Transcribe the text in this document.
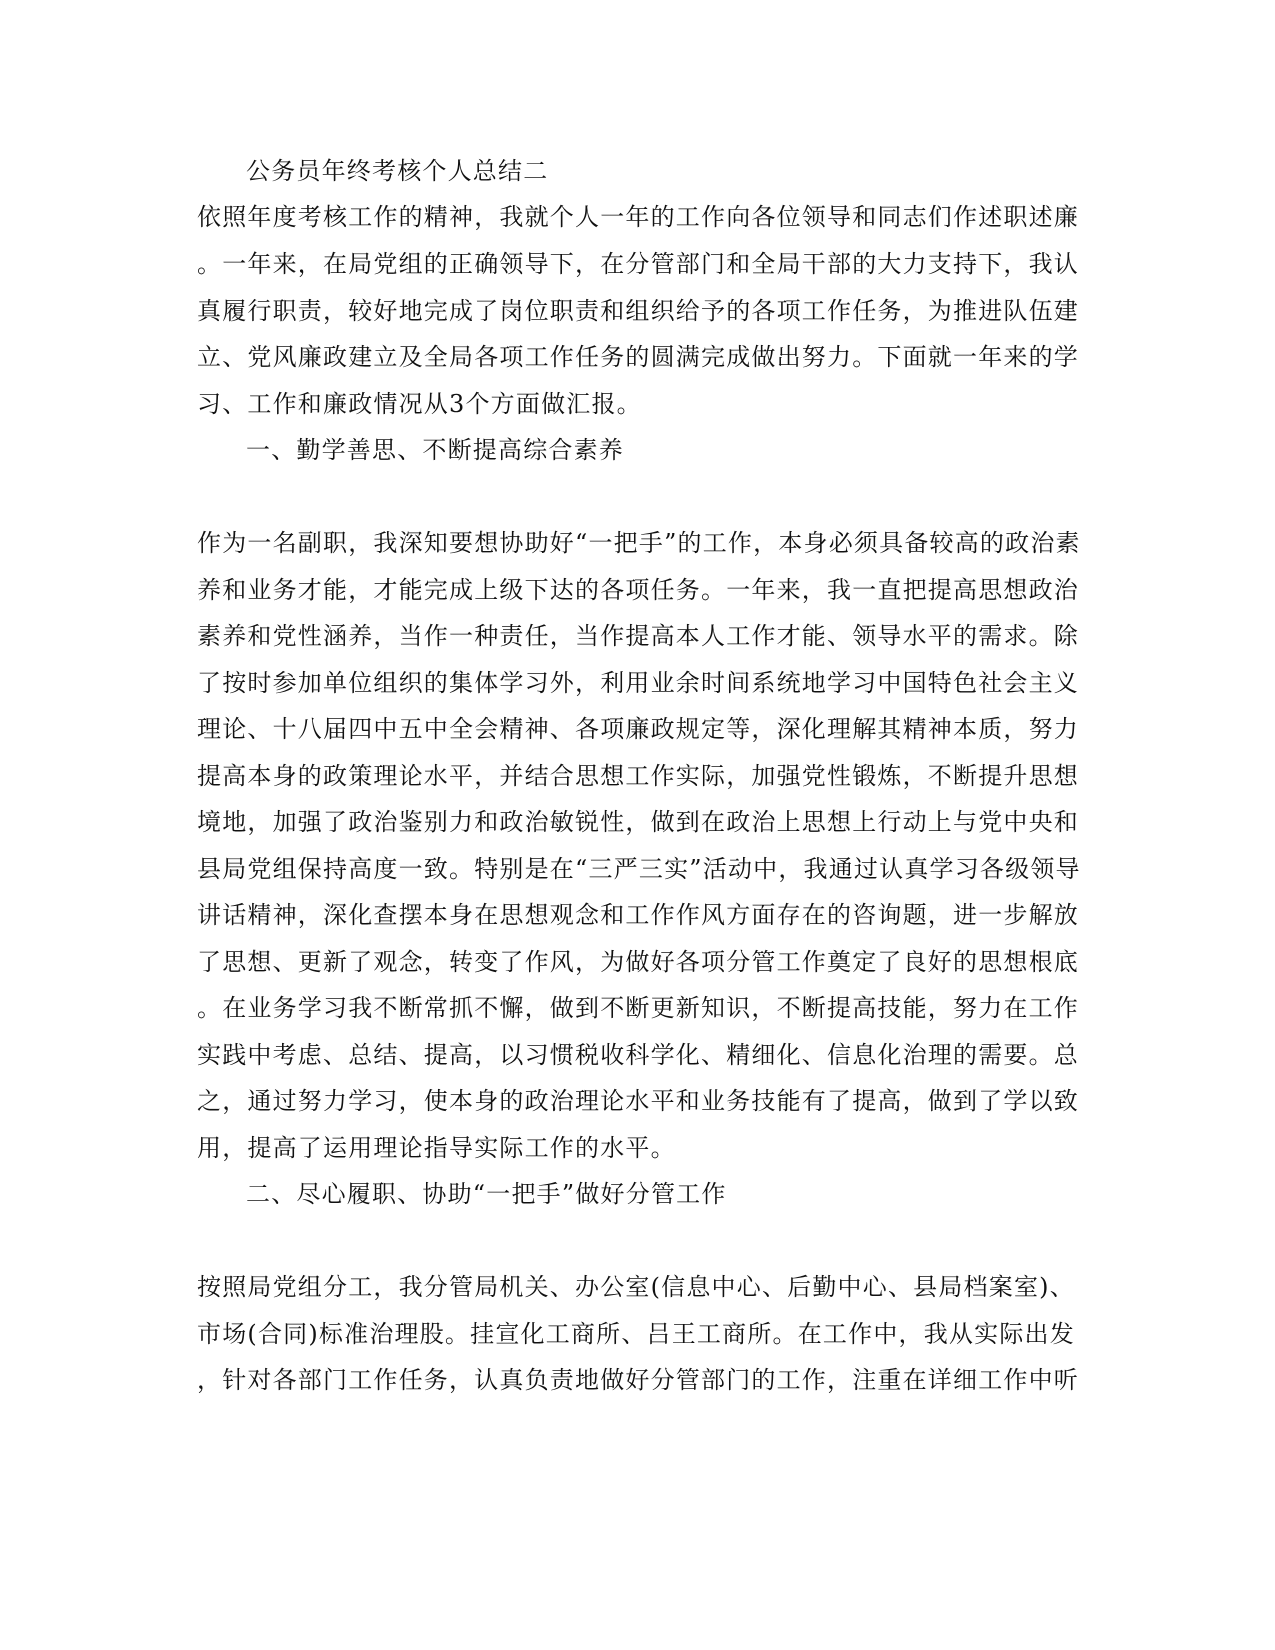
公务员年终考核个人总结二
依照年度考核工作的精神，我就个人一年的工作向各位领导和同志们作述职述廉
。一年来，在局党组的正确领导下，在分管部门和全局干部的大力支持下，我认
真履行职责，较好地完成了岗位职责和组织给予的各项工作任务，为推进队伍建
立、党风廉政建立及全局各项工作任务的圆满完成做出努力。下面就一年来的学
习、工作和廉政情况从3个方面做汇报。
一、勤学善思、不断提高综合素养
作为一名副职，我深知要想协助好“一把手”的工作，本身必须具备较高的政治素
养和业务才能，才能完成上级下达的各项任务。一年来，我一直把提高思想政治
素养和党性涵养，当作一种责任，当作提高本人工作才能、领导水平的需求。除
了按时参加单位组织的集体学习外，利用业余时间系统地学习中国特色社会主义
理论、十八届四中五中全会精神、各项廉政规定等，深化理解其精神本质，努力
提高本身的政策理论水平，并结合思想工作实际，加强党性锻炼，不断提升思想
境地，加强了政治鉴别力和政治敏锐性，做到在政治上思想上行动上与党中央和
县局党组保持高度一致。特别是在“三严三实”活动中，我通过认真学习各级领导
讲话精神，深化查摆本身在思想观念和工作作风方面存在的咨询题，进一步解放
了思想、更新了观念，转变了作风，为做好各项分管工作奠定了良好的思想根底
。在业务学习我不断常抓不懈，做到不断更新知识，不断提高技能，努力在工作
实践中考虑、总结、提高，以习惯税收科学化、精细化、信息化治理的需要。总
之，通过努力学习，使本身的政治理论水平和业务技能有了提高，做到了学以致
用，提高了运用理论指导实际工作的水平。
二、尽心履职、协助“一把手”做好分管工作
按照局党组分工，我分管局机关、办公室(信息中心、后勤中心、县局档案室)、
市场(合同)标准治理股。挂宣化工商所、吕王工商所。在工作中，我从实际出发
，针对各部门工作任务，认真负责地做好分管部门的工作，注重在详细工作中听
